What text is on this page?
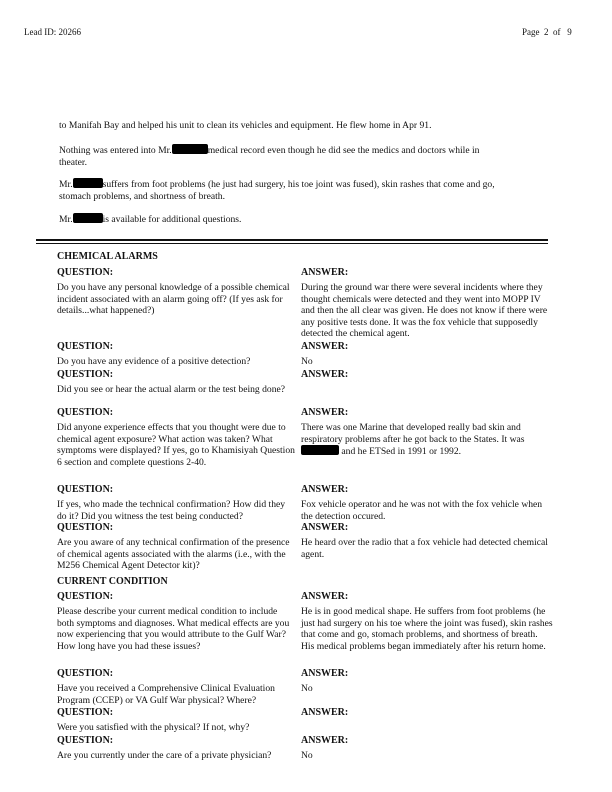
Lead ID: 20266	Page 2 of 9
to Manifah Bay and helped his unit to clean its vehicles and equipment. He flew home in Apr 91.
Nothing was entered into Mr.	medical record even though he did see the medics and doctors while in
theater.
Mr.	suffers from foot problems (he just had surgery, his toe joint was fused), skin rashes that come and go,
stomach problems, and shortness of breath.
Mr.	is available for additional questions.
CHEMICAL ALARMS
QUESTION:
Do you have any personal knowledge of a possible chemical incident associated with an alarm going off? (If yes ask for details...what happened?)
ANSWER:
During the ground war there were several incidents where they thought chemicals were detected and they went into MOPP IV and then the all clear was given. He does not know if there were any positive tests done. It was the fox vehicle that supposedly detected the chemical agent.
QUESTION:
Do you have any evidence of a positive detection?
ANSWER:
No
QUESTION:
Did you see or hear the actual alarm or the test being done?
ANSWER:
QUESTION:
Did anyone experience effects that you thought were due to chemical agent exposure? What action was taken? What symptoms were displayed? If yes, go to Khamisiyah Question 6 section and complete questions 2-40.
ANSWER:
There was one Marine that developed really bad skin and respiratory problems after he got back to the States. It was
and he ETSed in 1991 or 1992.
QUESTION:
If yes, who made the technical confirmation? How did they do it? Did you witness the test being conducted?
ANSWER:
Fox vehicle operator and he was not with the fox vehicle when the detection occured.
QUESTION:
Are you aware of any technical confirmation of the presence of chemical agents associated with the alarms (i.e., with the M256 Chemical Agent Detector kit)?
ANSWER:
He heard over the radio that a fox vehicle had detected chemical agent.
CURRENT CONDITION
QUESTION:
Please describe your current medical condition to include both symptoms and diagnoses. What medical effects are you now experiencing that you would attribute to the Gulf War? How long have you had these issues?
ANSWER:
He is in good medical shape. He suffers from foot problems (he just had surgery on his toe where the joint was fused), skin rashes that come and go, stomach problems, and shortness of breath. His medical problems began immediately after his return home.
QUESTION:
Have you received a Comprehensive Clinical Evaluation Program (CCEP) or VA Gulf War physical? Where?
ANSWER:
No
QUESTION:
Were you satisfied with the physical? If not, why?
ANSWER:
QUESTION:
Are you currently under the care of a private physician?
ANSWER:
No
